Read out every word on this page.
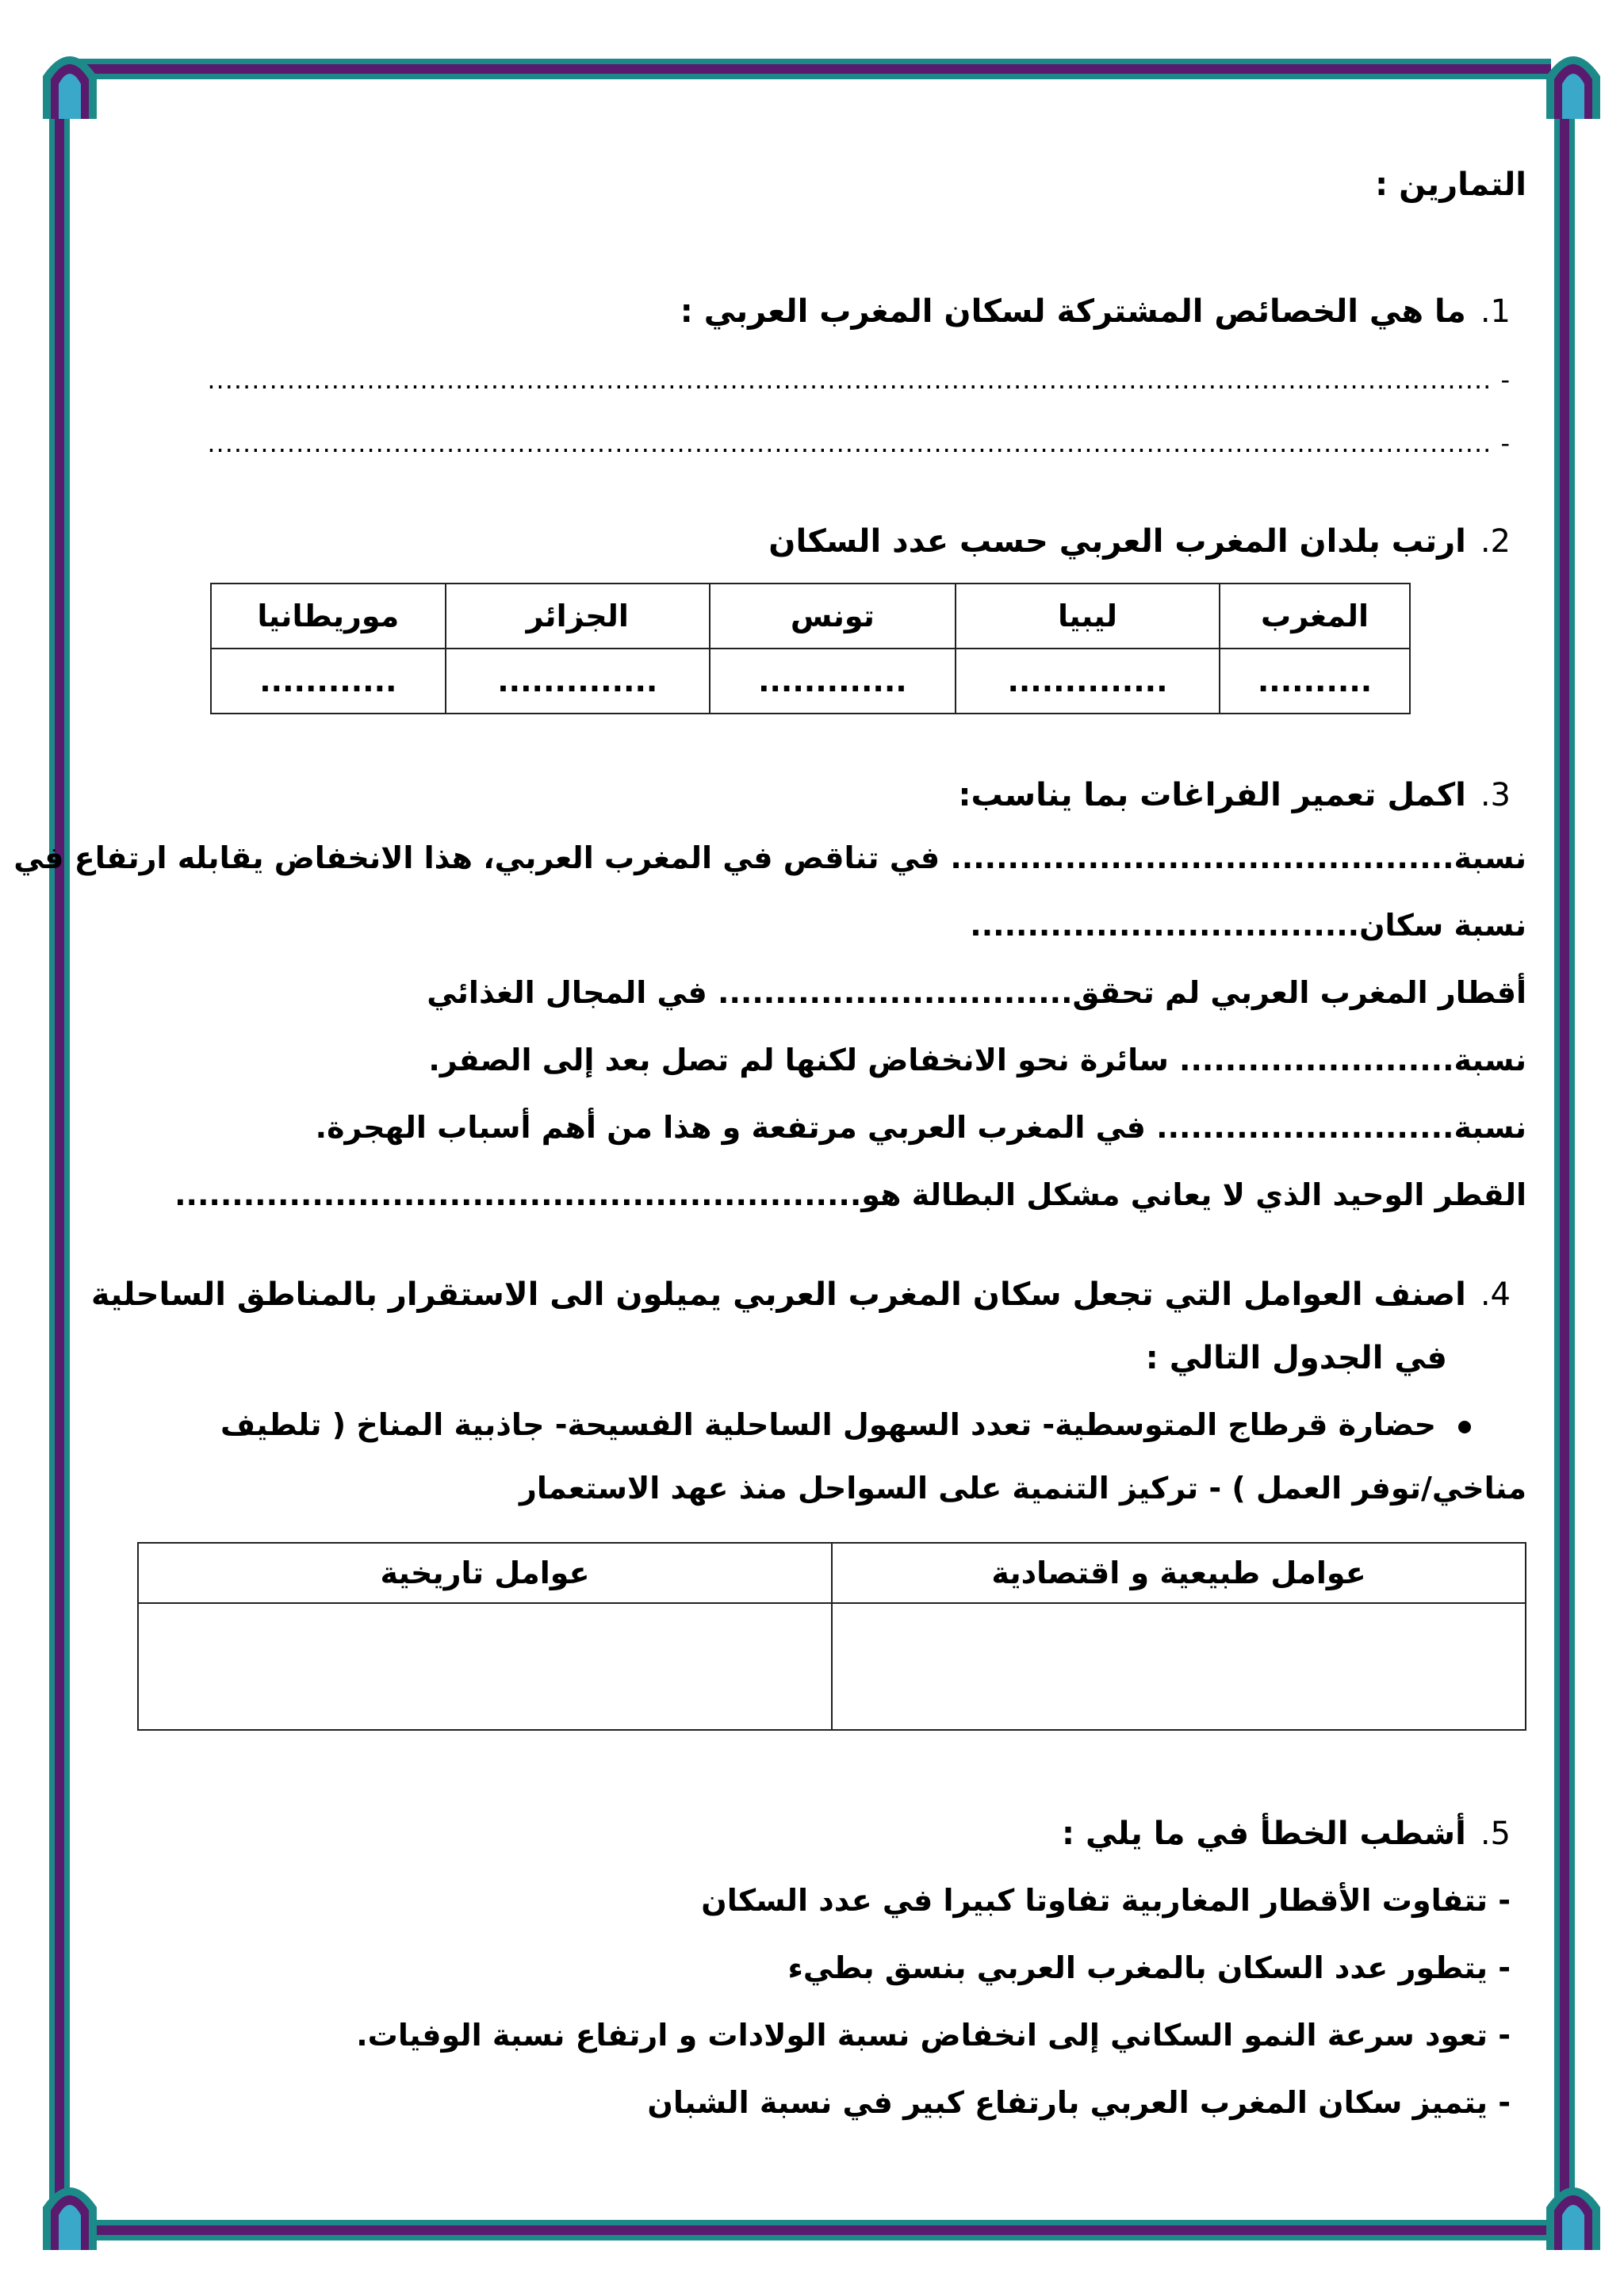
التمارين :
1.ما هي الخصائص المشتركة لسكان المغرب العربي :
- .................................................................................................................................................
- .................................................................................................................................................
2.ارتب بلدان المغرب العربي حسب عدد السكان
المغرب	ليبيا	تونس	الجزائر	موريطانيا
..........	..............	.............	..............	............
3.اكمل تعمير الفراغات بما يناسب:
نسبة............................................ في تناقص في المغرب العربي، هذا الانخفاض يقابله ارتفاع في
نسبة سكان..................................
أقطار المغرب العربي لم تحقق............................... في المجال الغذائي
نسبة........................ سائرة نحو الانخفاض لكنها لم تصل بعد إلى الصفر.
نسبة.......................... في المغرب العربي مرتفعة و هذا من أهم أسباب الهجرة.
القطر الوحيد الذي لا يعاني مشكل البطالة هو............................................................
4.اصنف العوامل التي تجعل سكان المغرب العربي يميلون الى الاستقرار بالمناطق الساحلية
في الجدول التالي :
حضارة قرطاج المتوسطية- تعدد السهول الساحلية الفسيحة- جاذبية المناخ ( تلطيف
مناخي/توفر العمل ) - تركيز التنمية على السواحل منذ عهد الاستعمار
عوامل طبيعية و اقتصادية	عوامل تاريخية

5.أشطب الخطأ في ما يلي :
- تتفاوت الأقطار المغاربية تفاوتا كبيرا في عدد السكان
- يتطور عدد السكان بالمغرب العربي بنسق بطيء
- تعود سرعة النمو السكاني إلى انخفاض نسبة الولادات و ارتفاع نسبة الوفيات.
- يتميز سكان المغرب العربي بارتفاع كبير في نسبة الشبان
